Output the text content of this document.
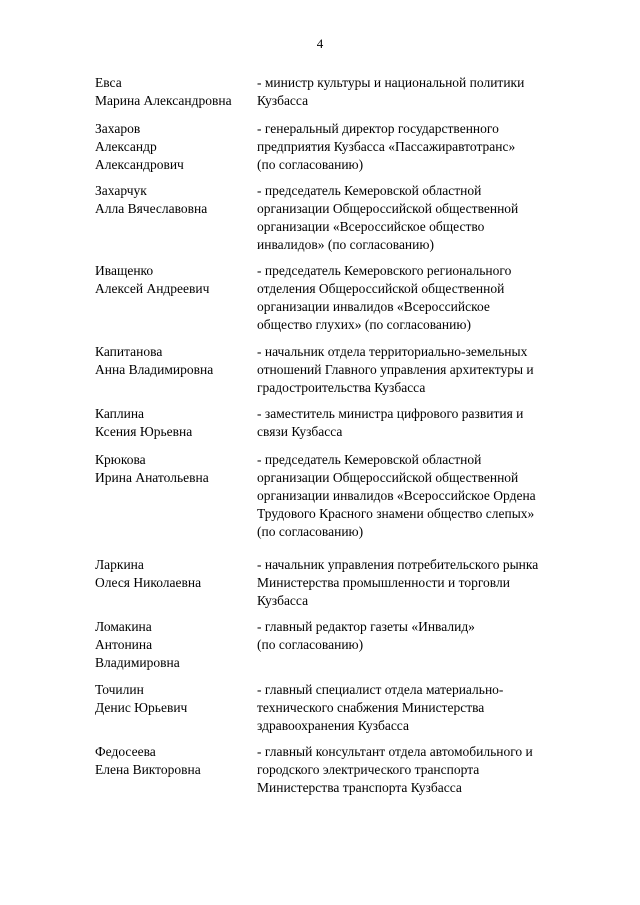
4
Евса
Марина Александровна
- министр культуры и национальной политики
Кузбасса
Захаров
Александр
Александрович
- генеральный директор государственного
предприятия Кузбасса «Пассажиравтотранс»
(по согласованию)
Захарчук
Алла Вячеславовна
- председатель Кемеровской областной
организации Общероссийской общественной
организации «Всероссийское общество
инвалидов» (по согласованию)
Иващенко
Алексей Андреевич
- председатель Кемеровского регионального
отделения Общероссийской общественной
организации инвалидов «Всероссийское
общество глухих» (по согласованию)
Капитанова
Анна Владимировна
- начальник отдела территориально-земельных
отношений Главного управления архитектуры и
градостроительства Кузбасса
Каплина
Ксения Юрьевна
- заместитель министра цифрового развития и
связи Кузбасса
Крюкова
Ирина Анатольевна
- председатель Кемеровской областной
организации Общероссийской общественной
организации инвалидов «Всероссийское Ордена
Трудового Красного знамени общество слепых»
(по согласованию)
Ларкина
Олеся Николаевна
- начальник управления потребительского рынка
Министерства промышленности и торговли
Кузбасса
Ломакина
Антонина
Владимировна
- главный редактор газеты «Инвалид»
(по согласованию)
Точилин
Денис Юрьевич
- главный специалист отдела материально-
технического снабжения Министерства
здравоохранения Кузбасса
Федосеева
Елена Викторовна
- главный консультант отдела автомобильного и
городского электрического транспорта
Министерства транспорта Кузбасса
